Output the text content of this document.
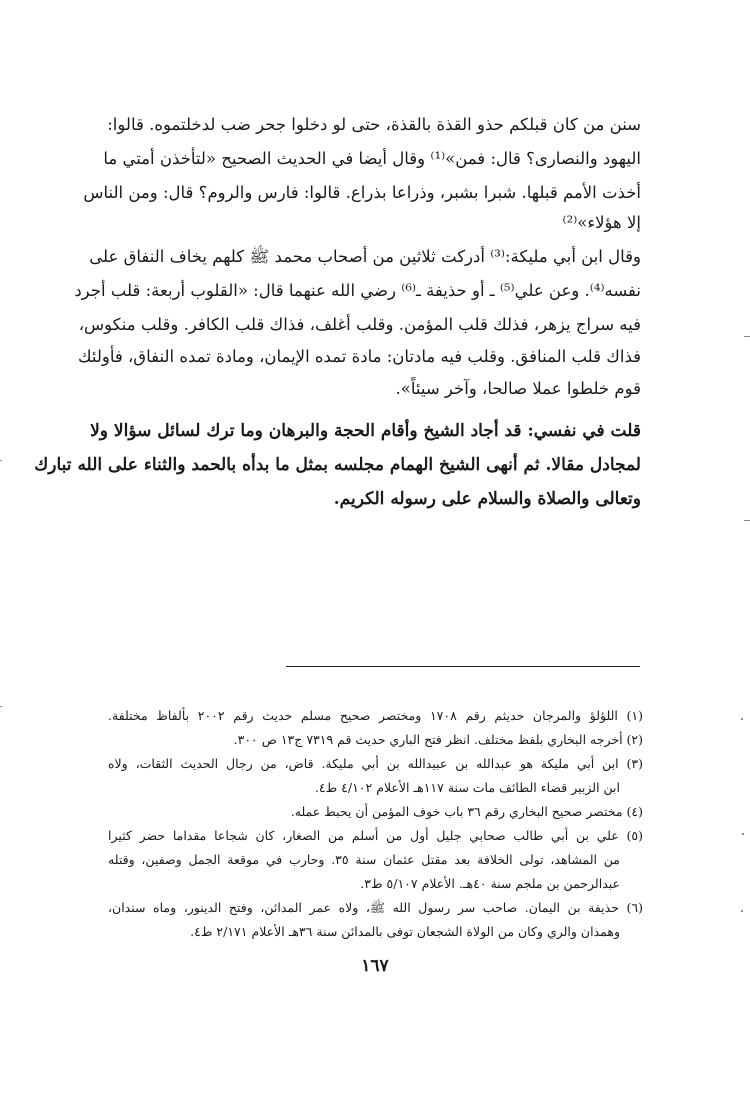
سنن من كان قبلكم حذو القذة بالقذة، حتى لو دخلوا جحر ضب لدخلتموه. قالوا:
اليهود والنصارى؟ قال: فمن»⁽¹⁾ وقال أيضا في الحديث الصحيح «لتأخذن أمتي ما
أخذت الأمم قبلها. شبرا بشبر، وذراعا بذراع. قالوا: فارس والروم؟ قال: ومن الناس
إلا هؤلاء»⁽²⁾
وقال ابن أبي مليكة:⁽³⁾ أدركت ثلاثين من أصحاب محمد ﷺ كلهم يخاف النفاق على
نفسه⁽⁴⁾. وعن علي⁽⁵⁾ ـ أو حذيفة ـ⁽⁶⁾ رضي الله عنهما قال: «القلوب أربعة: قلب أجرد
فيه سراج يزهر، فذلك قلب المؤمن. وقلب أغلف، فذاك قلب الكافر. وقلب منكوس،
فذاك قلب المنافق. وقلب فيه مادتان: مادة تمده الإيمان، ومادة تمده النفاق، فأولئك
قوم خلطوا عملا صالحا، وآخر سيئاً».
قلت في نفسي: قد أجاد الشيخ وأقام الحجة والبرهان وما ترك لسائل سؤالا ولا
لمجادل مقالا. ثم أنهى الشيخ الهمام مجلسه بمثل ما بدأه بالحمد والثناء على الله تبارك
وتعالى والصلاة والسلام على رسوله الكريم.
(١) اللؤلؤ والمرجان حديثم رقم ١٧٠٨ ومختصر صحيح مسلم حديث رقم ٢٠٠٢ بألفاظ مختلفة.
(٢) أخرجه البخاري بلفظ مختلف. انظر فتح الباري حديث قم ٧٣١٩ ج١٣ ص ٣٠٠.
(٣) ابن أبي مليكة هو عبدالله بن عبيدالله بن أبي مليكة. قاض، من رجال الحديث الثقات، ولاه
ابن الزبير قضاء الطائف مات سنة ١١٧هـ الأعلام ٤/١٠٢ ط٤.
(٤) مختصر صحيح البخاري رقم ٣٦ باب خوف المؤمن أن يحبط عمله.
(٥) علي بن أبي طالب صحابي جليل أول من أسلم من الصغار، كان شجاعا مقداما حضر كثيرا
من المشاهد، تولى الخلافة بعد مقتل عثمان سنة ٣٥. وحارب في موقعة الجمل وصفين، وقتله
عبدالرحمن بن ملجم سنة ٤٠هـ. الأعلام ٥/١٠٧ ط٣.
(٦) حذيفة بن اليمان. صاحب سر رسول الله ﷺ، ولاه عمر المدائن، وفتح الدينور، وماه سندان،
وهمذان والري وكان من الولاة الشجعان توفى بالمدائن سنة ٣٦هـ الأعلام ٢/١٧١ ط٤.
١٦٧
